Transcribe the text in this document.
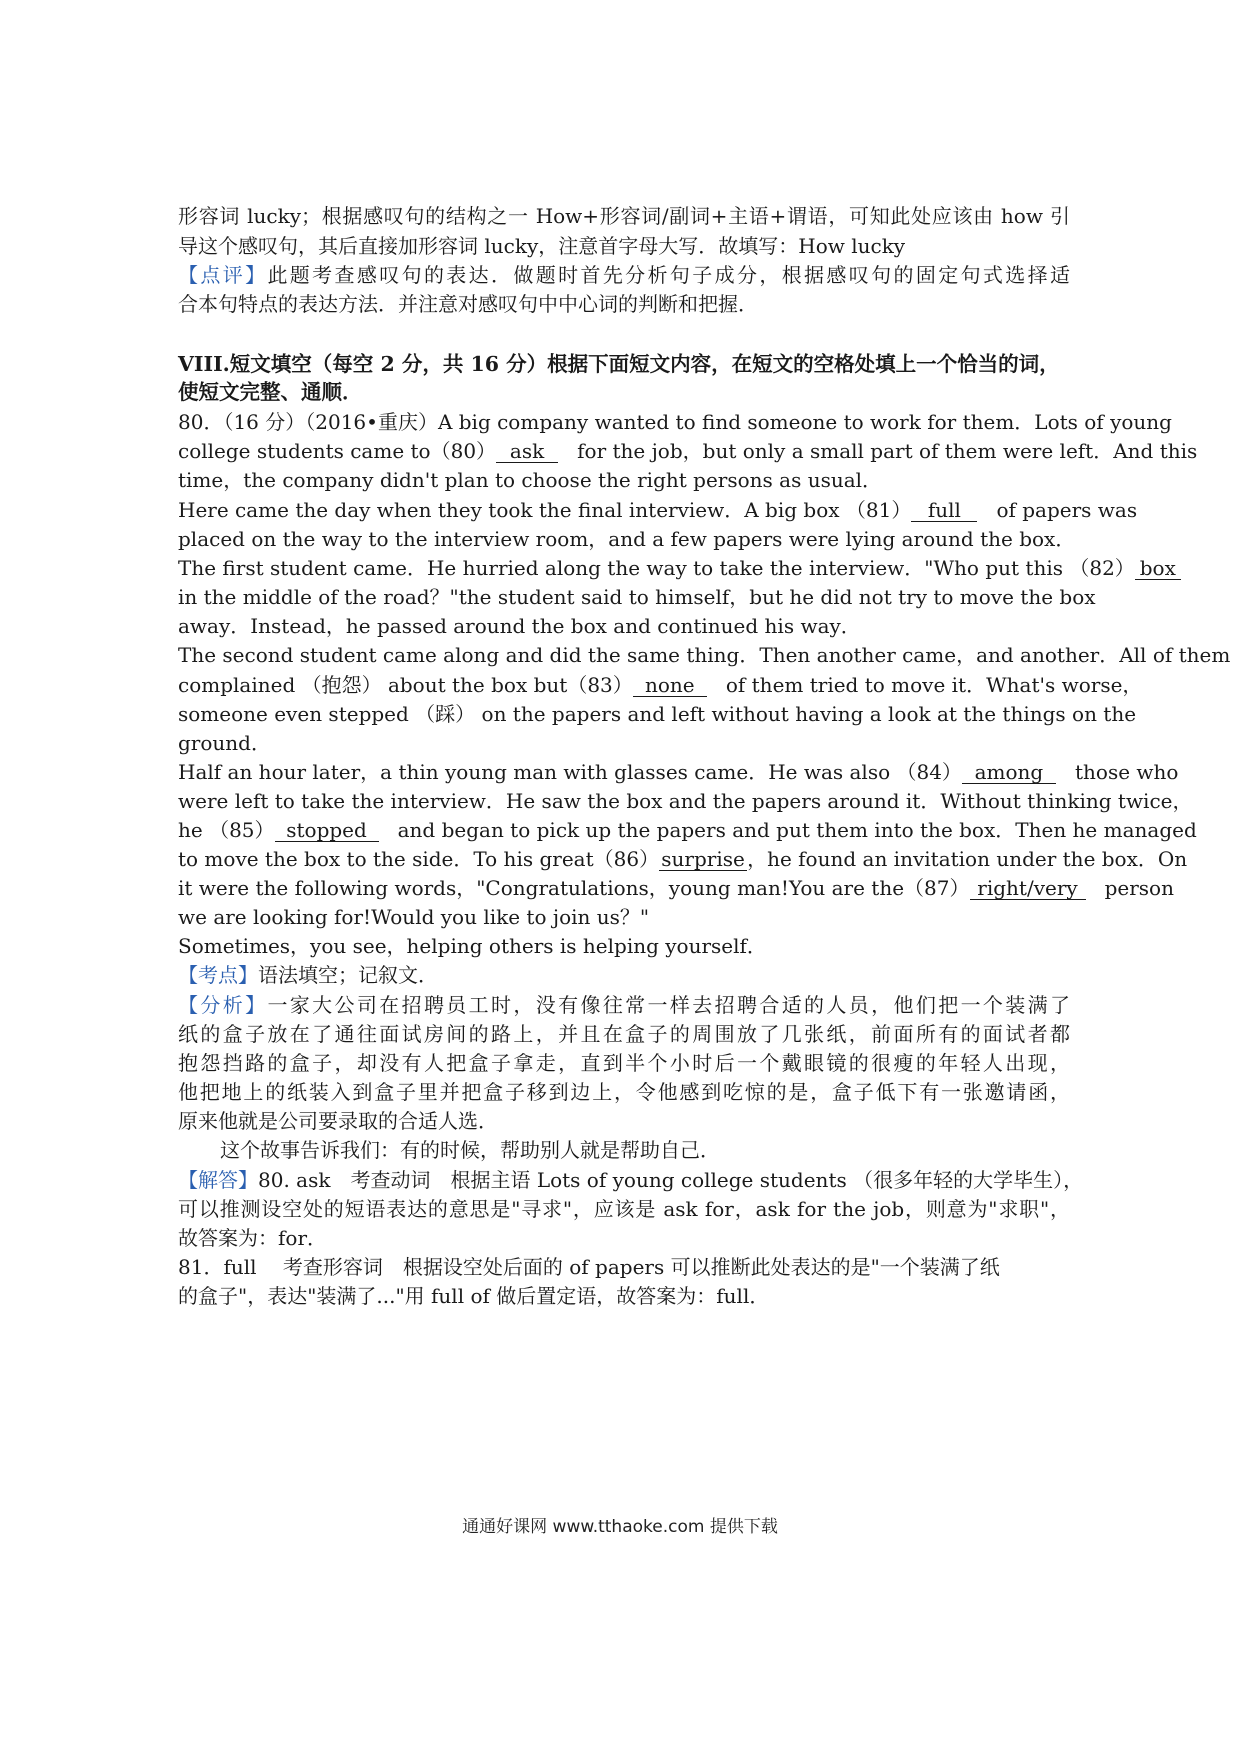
形容词 lucky；根据感叹句的结构之一 How+形容词/副词+主语+谓语，可知此处应该由 how 引
导这个感叹句，其后直接加形容词 lucky，注意首字母大写．故填写：How lucky
【点评】此题考查感叹句的表达．做题时首先分析句子成分，根据感叹句的固定句式选择适
合本句特点的表达方法．并注意对感叹句中中心词的判断和把握．
VIII.短文填空（每空 2 分，共 16 分）根据下面短文内容，在短文的空格处填上一个恰当的词，
使短文完整、通顺．
80．（16 分）（2016•重庆）A big company wanted to find someone to work for them．Lots of young
college students came to（80） ask for the job，but only a small part of them were left．And this
time，the company didn't plan to choose the right persons as usual．
Here came the day when they took the final interview．A big box （81） full of papers was
placed on the way to the interview room，and a few papers were lying around the box．
The first student came．He hurried along the way to take the interview．"Who put this （82） box
in the middle of the road？"the student said to himself，but he did not try to move the box
away．Instead，he passed around the box and continued his way．
The second student came along and did the same thing．Then another came，and another．All of them
complained （抱怨） about the box but（83） none of them tried to move it．What's worse，
someone even stepped （踩） on the papers and left without having a look at the things on the
ground．
Half an hour later，a thin young man with glasses came．He was also （84） among those who
were left to take the interview．He saw the box and the papers around it．Without thinking twice，
he （85） stopped and began to pick up the papers and put them into the box．Then he managed
to move the box to the side．To his great（86） surprise ，he found an invitation under the box．On
it were the following words，"Congratulations，young man!You are the（87） right/very person
we are looking for!Would you like to join us？"
Sometimes，you see，helping others is helping yourself．
【考点】语法填空；记叙文．
【分析】一家大公司在招聘员工时，没有像往常一样去招聘合适的人员，他们把一个装满了
纸的盒子放在了通往面试房间的路上，并且在盒子的周围放了几张纸，前面所有的面试者都
抱怨挡路的盒子，却没有人把盒子拿走，直到半个小时后一个戴眼镜的很瘦的年轻人出现，
他把地上的纸装入到盒子里并把盒子移到边上，令他感到吃惊的是，盒子低下有一张邀请函，
原来他就是公司要录取的合适人选．
这个故事告诉我们：有的时候，帮助别人就是帮助自己．
【解答】80. ask　考查动词　根据主语 Lots of young college students （很多年轻的大学毕生），
可以推测设空处的短语表达的意思是"寻求"，应该是 ask for，ask for the job，则意为"求职"，
故答案为：for．
81．full　 考查形容词　根据设空处后面的 of papers 可以推断此处表达的是"一个装满了纸
的盒子"，表达"装满了..."用 full of 做后置定语，故答案为：full．
通通好课网 www.tthaoke.com 提供下载
